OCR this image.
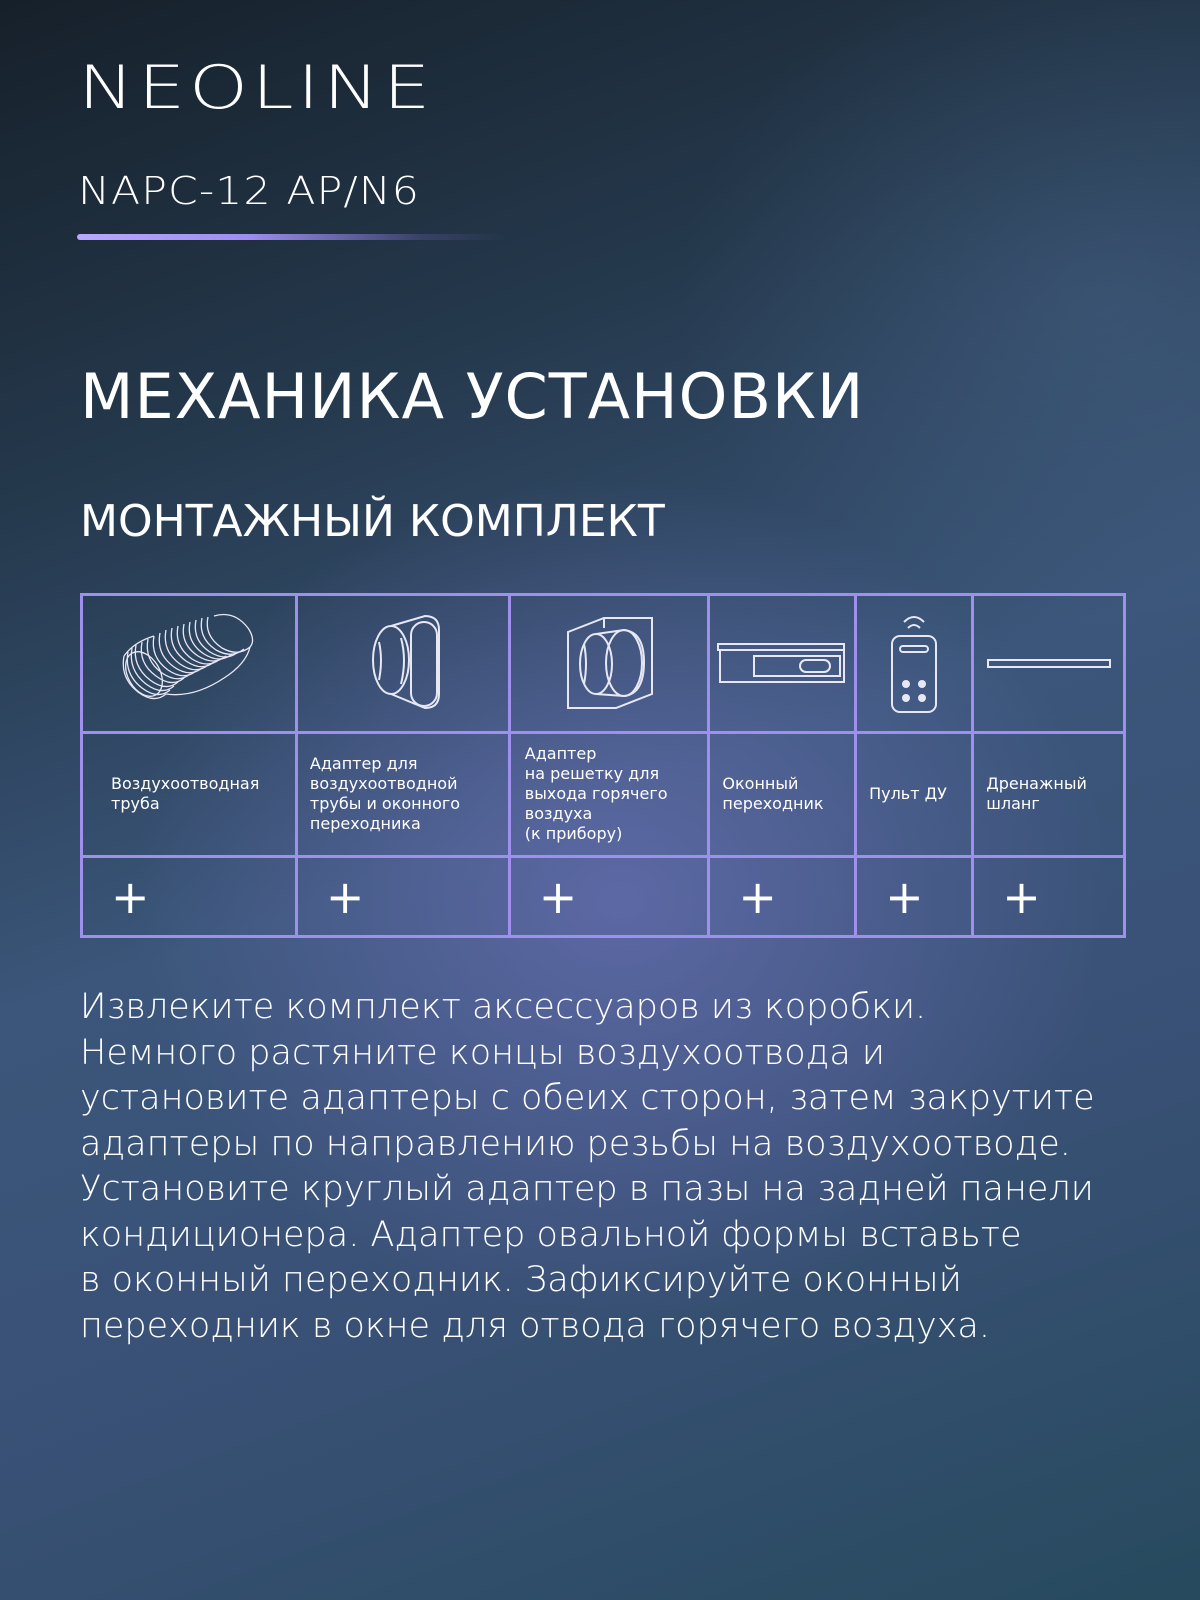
NEOLINE
NAPC-12 AP/N6
МЕХАНИКА УСТАНОВКИ
МОНТАЖНЫЙ КОМПЛЕКТ

Воздухоотводная
труба	Адаптер для
воздухоотводной
трубы и оконного
переходника	Адаптер
на решетку для
выхода горячего
воздуха
(к прибору)	Оконный
переходник	Пульт ДУ	Дренажный
шланг

+	+	+	+	+	+
Извлеките комплект аксессуаров из коробки.
Немного растяните концы воздухоотвода и
установите адаптеры с обеих сторон, затем закрутите
адаптеры по направлению резьбы на воздухоотводе.
Установите круглый адаптер в пазы на задней панели
кондиционера. Адаптер овальной формы вставьте
в оконный переходник. Зафиксируйте оконный
переходник в окне для отвода горячего воздуха.
